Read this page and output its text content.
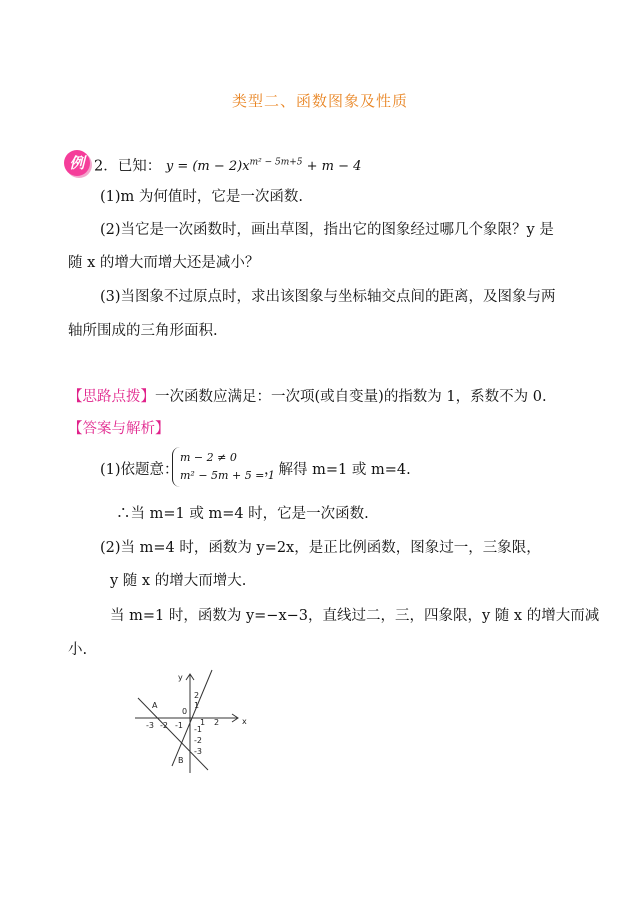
类型二、函数图象及性质
例 2．已知： $y = (m - 2)x^{m^2 - 5m+5} + m - 4$
(1)m 为何值时，它是一次函数.
(2)当它是一次函数时，画出草图，指出它的图象经过哪几个象限？y 是
随 x 的增大而增大还是减小？
(3)当图象不过原点时，求出该图象与坐标轴交点间的距离，及图象与两
轴所围成的三角形面积.
【思路点拨】一次函数应满足：一次项(或自变量)的指数为 1，系数不为 0.
【答案与解析】
(1)依题意：
m − 2 ≠ 0
m² − 5m + 5 = 1
，解得 m=1 或 m=4.
∴当 m=1 或 m=4 时，它是一次函数.
(2)当 m=4 时，函数为 y=2x，是正比例函数，图象过一，三象限，
y 随 x 的增大而增大.
当 m=1 时，函数为 y=−x−3，直线过二，三，四象限，y 随 x 的增大而减
小.
x
y
0
A
B
-3 -2 -1 1 2
2
1
-1
-2
-3
